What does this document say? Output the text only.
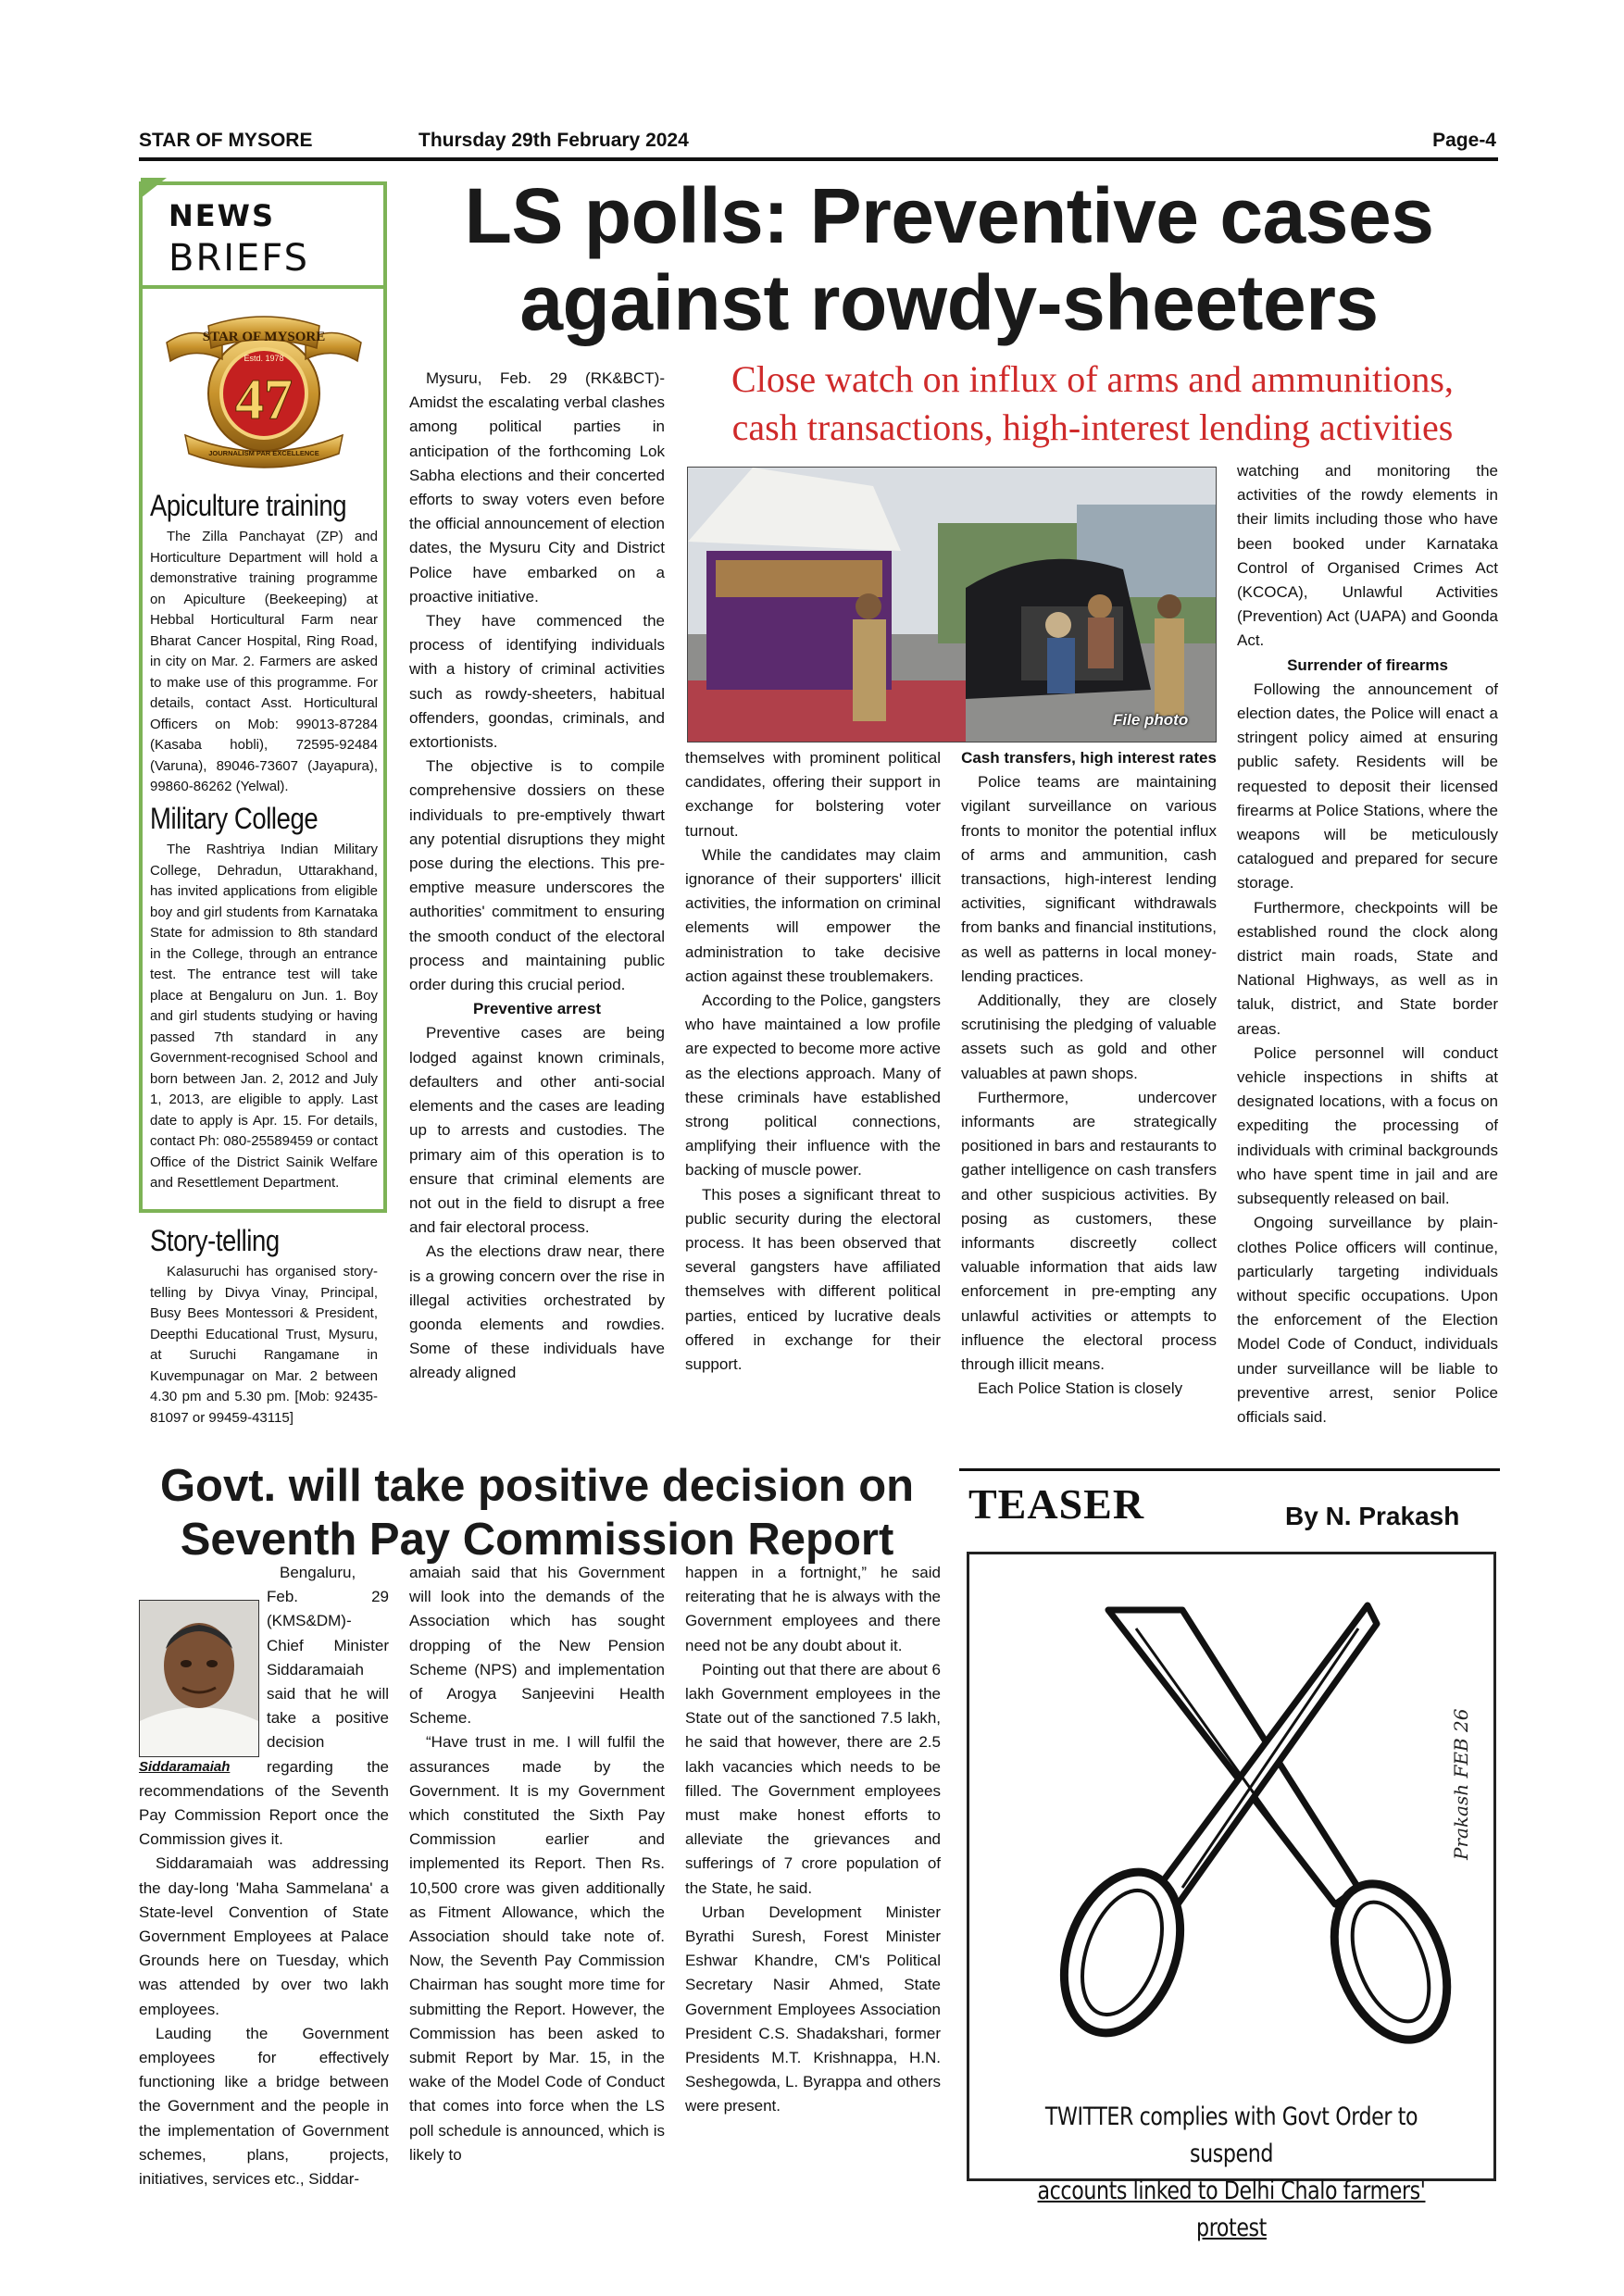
STAR OF MYSORE	Thursday 29th February 2024	Page-4
NEWS
BRIEFS
STAR OF MYSORE
Estd. 1978
47
JOURNALISM PAR EXCELLENCE
Apiculture training
The Zilla Panchayat (ZP) and Horticulture Department will hold a demonstrative training programme on Apiculture (Beekeeping) at Hebbal Horticultural Farm near Bharat Cancer Hospital, Ring Road, in city on Mar. 2. Farmers are asked to make use of this programme. For details, contact Asst. Horticultural Officers on Mob: 99013-87284 (Kasaba hobli), 72595-92484 (Varuna), 89046-73607 (Jayapura), 99860-86262 (Yelwal).
Military College
The Rashtriya Indian Military College, Dehradun, Uttarakhand, has invited applications from eligible boy and girl students from Karnataka State for admission to 8th standard in the College, through an entrance test. The entrance test will take place at Bengaluru on Jun. 1. Boy and girl students studying or having passed 7th standard in any Government-recognised School and born between Jan. 2, 2012 and July 1, 2013, are eligible to apply. Last date to apply is Apr. 15. For details, contact Ph: 080-25589459 or contact Office of the District Sainik Welfare and Resettlement Department.
Story-telling
Kalasuruchi has organised story-telling by Divya Vinay, Principal, Busy Bees Montessori & President, Deepthi Educational Trust, Mysuru, at Suruchi Rangamane in Kuvempunagar on Mar. 2 between 4.30 pm and 5.30 pm. [Mob: 92435-81097 or 99459-43115]
LS polls: Preventive cases
against rowdy-sheeters
Close watch on influx of arms and ammunitions,
cash transactions, high-interest lending activities
File photo

Mysuru, Feb. 29 (RK&BCT)- Amidst the escalating verbal clashes among political parties in anticipation of the forthcoming Lok Sabha elections and their concerted efforts to sway voters even before the official announcement of election dates, the Mysuru City and District Police have embarked on a proactive initiative.

They have commenced the process of identifying individuals with a history of criminal activities such as rowdy-sheeters, habitual offenders, goondas, criminals, and extortionists.

The objective is to compile comprehensive dossiers on these individuals to pre-emptively thwart any potential disruptions they might pose during the elections. This pre-emptive measure underscores the authorities' commitment to ensuring the smooth conduct of the electoral process and maintaining public order during this crucial period.

Preventive arrest

Preventive cases are being lodged against known criminals, defaulters and other anti-social elements and the cases are leading up to arrests and custodies. The primary aim of this operation is to ensure that criminal elements are not out in the field to disrupt a free and fair electoral process.

As the elections draw near, there is a growing concern over the rise in illegal activities orchestrated by goonda elements and rowdies. Some of these individuals have already aligned

themselves with prominent political candidates, offering their support in exchange for bolstering voter turnout.

While the candidates may claim ignorance of their supporters' illicit activities, the information on criminal elements will empower the administration to take decisive action against these troublemakers.

According to the Police, gangsters who have maintained a low profile are expected to become more active as the elections approach. Many of these criminals have established strong political connections, amplifying their influence with the backing of muscle power.

This poses a significant threat to public security during the electoral process. It has been observed that several gangsters have affiliated themselves with different political parties, enticed by lucrative deals offered in exchange for their support.

Cash transfers, high interest rates

Police teams are maintaining vigilant surveillance on various fronts to monitor the potential influx of arms and ammunition, cash transactions, high-interest lending activities, significant withdrawals from banks and financial institutions, as well as patterns in local money-lending practices.

Additionally, they are closely scrutinising the pledging of valuable assets such as gold and other valuables at pawn shops.

Furthermore, undercover informants are strategically positioned in bars and restaurants to gather intelligence on cash transfers and other suspicious activities. By posing as customers, these informants discreetly collect valuable information that aids law enforcement in pre-empting any unlawful activities or attempts to influence the electoral process through illicit means.

Each Police Station is closely

watching and monitoring the activities of the rowdy elements in their limits including those who have been booked under Karnataka Control of Organised Crimes Act (KCOCA), Unlawful Activities (Prevention) Act (UAPA) and Goonda Act.

Surrender of firearms

Following the announcement of election dates, the Police will enact a stringent policy aimed at ensuring public safety. Residents will be requested to deposit their licensed firearms at Police Stations, where the weapons will be meticulously catalogued and prepared for secure storage.

Furthermore, checkpoints will be established round the clock along district main roads, State and National Highways, as well as in taluk, district, and State border areas.

Police personnel will conduct vehicle inspections in shifts at designated locations, with a focus on expediting the processing of individuals with criminal backgrounds who have spent time in jail and are subsequently released on bail.

Ongoing surveillance by plain-clothes Police officers will continue, particularly targeting individuals without specific occupations. Upon the enforcement of the Election Model Code of Conduct, individuals under surveillance will be liable to preventive arrest, senior Police officials said.

Govt. will take positive decision on
Seventh Pay Commission Report
Siddaramaiah

Bengaluru, Feb. 29 (KMS&DM)- Chief Minister Siddaramaiah said that he will take a positive decision regarding the recommendations of the Seventh Pay Commission Report once the Commission gives it.

Siddaramaiah was addressing the day-long 'Maha Sammelana' a State-level Convention of State Government Employees at Palace Grounds here on Tuesday, which was attended by over two lakh employees.

Lauding the Government employees for effectively functioning like a bridge between the Government and the people in the implementation of Government schemes, plans, projects, initiatives, services etc., Siddar-

amaiah said that his Government will look into the demands of the Association which has sought dropping of the New Pension Scheme (NPS) and implementation of Arogya Sanjeevini Health Scheme.

“Have trust in me. I will fulfil the assurances made by the Government. It is my Government which constituted the Sixth Pay Commission earlier and implemented its Report. Then Rs. 10,500 crore was given additionally as Fitment Allowance, which the Association should take note of. Now, the Seventh Pay Commission Chairman has sought more time for submitting the Report. However, the Commission has been asked to submit Report by Mar. 15, in the wake of the Model Code of Conduct that comes into force when the LS poll schedule is announced, which is likely to

happen in a fortnight,” he said reiterating that he is always with the Government employees and there need not be any doubt about it.

Pointing out that there are about 6 lakh Government employees in the State out of the sanctioned 7.5 lakh, he said that however, there are 2.5 lakh vacancies which needs to be filled. The Government employees must make honest efforts to alleviate the grievances and sufferings of 7 crore population of the State, he said.

Urban Development Minister Byrathi Suresh, Forest Minister Eshwar Khandre, CM's Political Secretary Nasir Ahmed, State Government Employees Association President C.S. Shadakshari, former Presidents M.T. Krishnappa, H.N. Seshegowda, L. Byrappa and others were present.

TEASER	By N. Prakash
Prakash FEB 26
TWITTER complies with Govt Order to suspend
accounts linked to Delhi Chalo farmers' protest
